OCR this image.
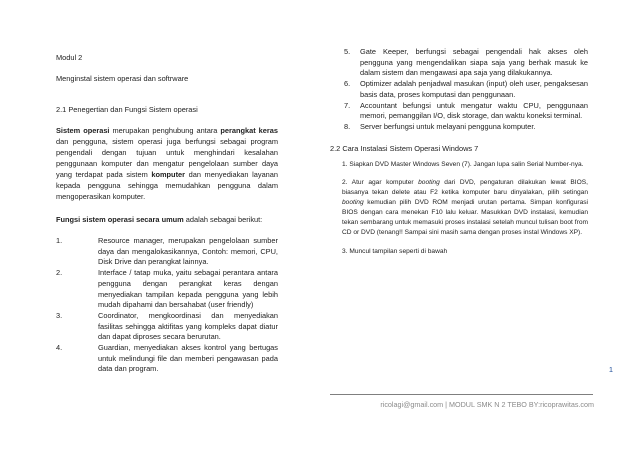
Modul 2

Menginstal sistem operasi dan softrware

2.1 Penegertian dan Fungsi Sistem operasi

Sistem operasi merupakan penghubung antara perangkat keras dan pengguna, sistem operasi juga berfungsi sebagai program pengendali dengan tujuan untuk menghindari kesalahan penggunaan komputer dan mengatur pengelolaan sumber daya yang terdapat pada sistem komputer dan menyediakan layanan kepada pengguna sehingga memudahkan pengguna dalam mengoperasikan komputer.

Fungsi sistem operasi secara umum adalah sebagai berikut:

1.	Resource manager, merupakan pengelolaan sumber daya dan mengalokasikannya, Contoh: memori, CPU, Disk Drive dan perangkat lainnya.
2.	Interface / tatap muka, yaitu sebagai perantara antara pengguna dengan perangkat keras dengan menyediakan tampilan kepada pengguna yang lebih mudah dipahami dan bersahabat (user friendly)
3.	Coordinator, mengkoordinasi dan menyediakan fasilitas sehingga aktifitas yang kompleks dapat diatur dan dapat diproses secara berurutan.
4.	Guardian, menyediakan akses kontrol yang bertugas untuk melindungi file dan memberi pengawasan pada data dan program.
5. Gate Keeper, berfungsi sebagai pengendali hak akses oleh pengguna yang mengendalikan siapa saja yang berhak masuk ke dalam sistem dan mengawasi apa saja yang dilakukannya.
6. Optimizer adalah penjadwal masukan (input) oleh user, pengaksesan basis data, proses komputasi dan penggunaan.
7. Accountant befungsi untuk mengatur waktu CPU, penggunaan memori, pemanggilan I/O, disk storage, dan waktu koneksi terminal.
8. Server berfungsi untuk melayani pengguna komputer.

2.2 Cara Instalasi Sistem Operasi Windows 7

1. Siapkan DVD Master Windows Seven (7). Jangan lupa salin Serial Number-nya.

2. Atur agar komputer booting dari DVD, pengaturan dilakukan lewat BIOS, biasanya tekan delete atau F2 ketika komputer baru dinyalakan, pilih setingan booting kemudian pilih DVD ROM menjadi urutan pertama. Simpan konfigurasi BIOS dengan cara menekan F10 lalu keluar. Masukkan DVD instalasi, kemudian tekan sembarang untuk memasuki proses instalasi setelah muncul tulisan boot from CD or DVD (tenang!! Sampai sini masih sama dengan proses instal Windows XP).

3. Muncul tampilan seperti di bawah

1
ricolagi@gmail.com | MODUL SMK N 2 TEBO BY:ricoprawitas.com
